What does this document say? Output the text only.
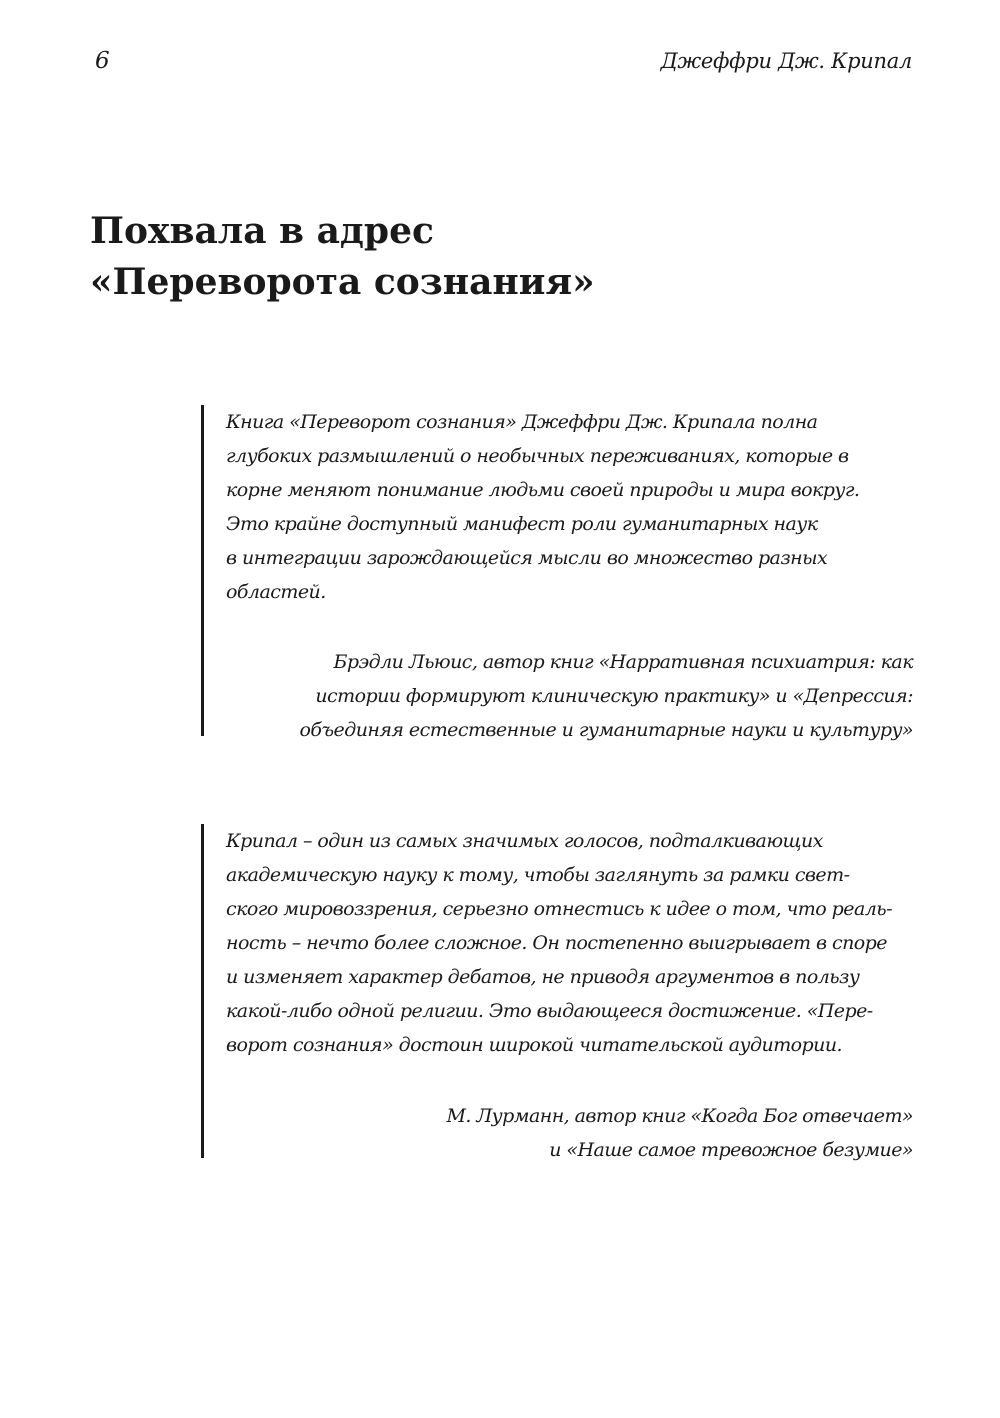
6	Джеффри Дж. Крипал
Похвала в адрес
«Переворота сознания»

Книга «Переворот сознания» Джеффри Дж. Крипала полна
глубоких размышлений о необычных переживаниях, которые в
корне меняют понимание людьми своей природы и мира вокруг.
Это крайне доступный манифест роли гуманитарных наук
в интеграции зарождающейся мысли во множество разных
областей.

Брэдли Льюис, автор книг «Нарративная психиатрия: как
истории формируют клиническую практику» и «Депрессия:
объединяя естественные и гуманитарные науки и культуру»

Крипал – один из самых значимых голосов, подталкивающих
академическую науку к тому, чтобы заглянуть за рамки свет-
ского мировоззрения, серьезно отнестись к идее о том, что реаль-
ность – нечто более сложное. Он постепенно выигрывает в споре
и изменяет характер дебатов, не приводя аргументов в пользу
какой-либо одной религии. Это выдающееся достижение. «Пере-
ворот сознания» достоин широкой читательской аудитории.

М. Лурманн, автор книг «Когда Бог отвечает»
и «Наше самое тревожное безумие»
